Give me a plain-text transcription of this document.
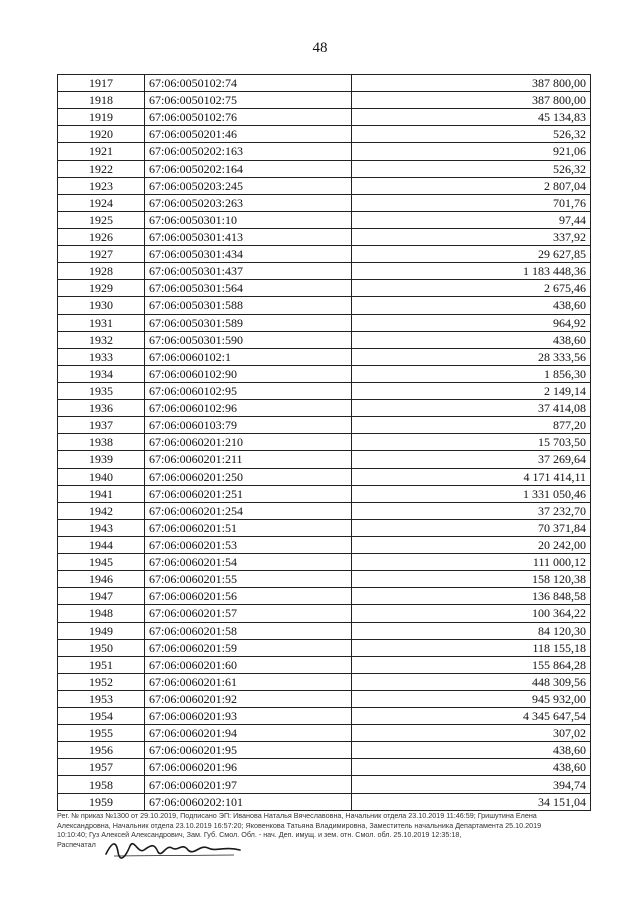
48
1917	67:06:0050102:74	387 800,00
1918	67:06:0050102:75	387 800,00
1919	67:06:0050102:76	45 134,83
1920	67:06:0050201:46	526,32
1921	67:06:0050202:163	921,06
1922	67:06:0050202:164	526,32
1923	67:06:0050203:245	2 807,04
1924	67:06:0050203:263	701,76
1925	67:06:0050301:10	97,44
1926	67:06:0050301:413	337,92
1927	67:06:0050301:434	29 627,85
1928	67:06:0050301:437	1 183 448,36
1929	67:06:0050301:564	2 675,46
1930	67:06:0050301:588	438,60
1931	67:06:0050301:589	964,92
1932	67:06:0050301:590	438,60
1933	67:06:0060102:1	28 333,56
1934	67:06:0060102:90	1 856,30
1935	67:06:0060102:95	2 149,14
1936	67:06:0060102:96	37 414,08
1937	67:06:0060103:79	877,20
1938	67:06:0060201:210	15 703,50
1939	67:06:0060201:211	37 269,64
1940	67:06:0060201:250	4 171 414,11
1941	67:06:0060201:251	1 331 050,46
1942	67:06:0060201:254	37 232,70
1943	67:06:0060201:51	70 371,84
1944	67:06:0060201:53	20 242,00
1945	67:06:0060201:54	111 000,12
1946	67:06:0060201:55	158 120,38
1947	67:06:0060201:56	136 848,58
1948	67:06:0060201:57	100 364,22
1949	67:06:0060201:58	84 120,30
1950	67:06:0060201:59	118 155,18
1951	67:06:0060201:60	155 864,28
1952	67:06:0060201:61	448 309,56
1953	67:06:0060201:92	945 932,00
1954	67:06:0060201:93	4 345 647,54
1955	67:06:0060201:94	307,02
1956	67:06:0060201:95	438,60
1957	67:06:0060201:96	438,60
1958	67:06:0060201:97	394,74
1959	67:06:0060202:101	34 151,04
Рег. № приказ №1300 от 29.10.2019, Подписано ЭП: Иванова Наталья Вячеславовна, Начальник отдела 23.10.2019 11:46:59; Гришутина Елена
Александровна, Начальник отдела 23.10.2019 16:57:20; Яковенкова Татьяна Владимировна, Заместитель начальника Департамента 25.10.2019
10:10:40; Гуз Алексей Александрович, Зам. Губ. Смол. Обл. - нач. Деп. имущ. и зем. отн. Смол. обл. 25.10.2019 12:35:18,
Распечатал
